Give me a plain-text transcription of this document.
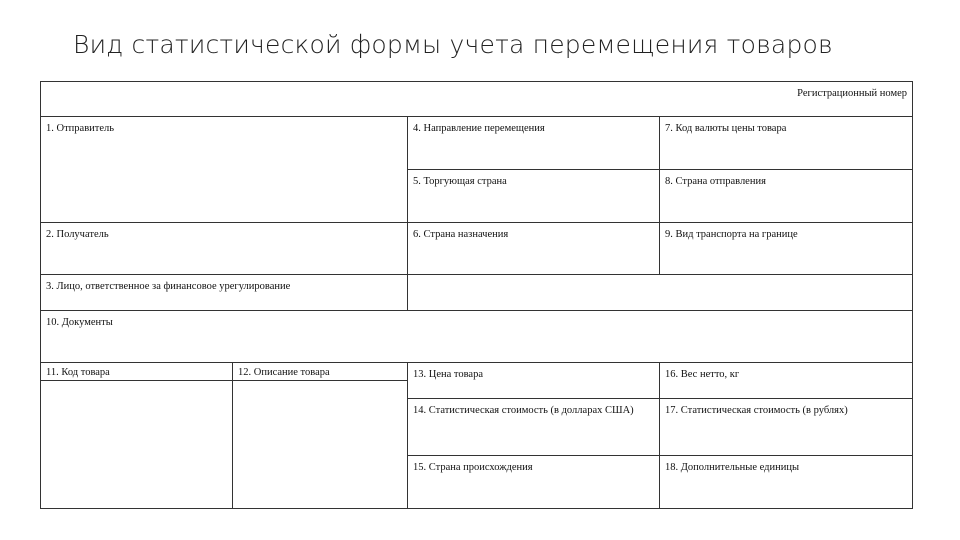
Вид статистической формы учета перемещения товаров
Регистрационный номер
1. Отправитель
2. Получатель
4. Направление перемещения
5. Торгующая страна
6. Страна назначения
7. Код валюты цены товара
8. Страна отправления
9. Вид транспорта на границе
3. Лицо, ответственное за финансовое урегулирование
10. Документы
11. Код товара	12. Описание товара	13. Цена товара
14. Статистическая стоимость (в долларах США)
15. Страна происхождения
16. Вес нетто, кг
17. Статистическая стоимость (в рублях)
18. Дополнительные единицы
